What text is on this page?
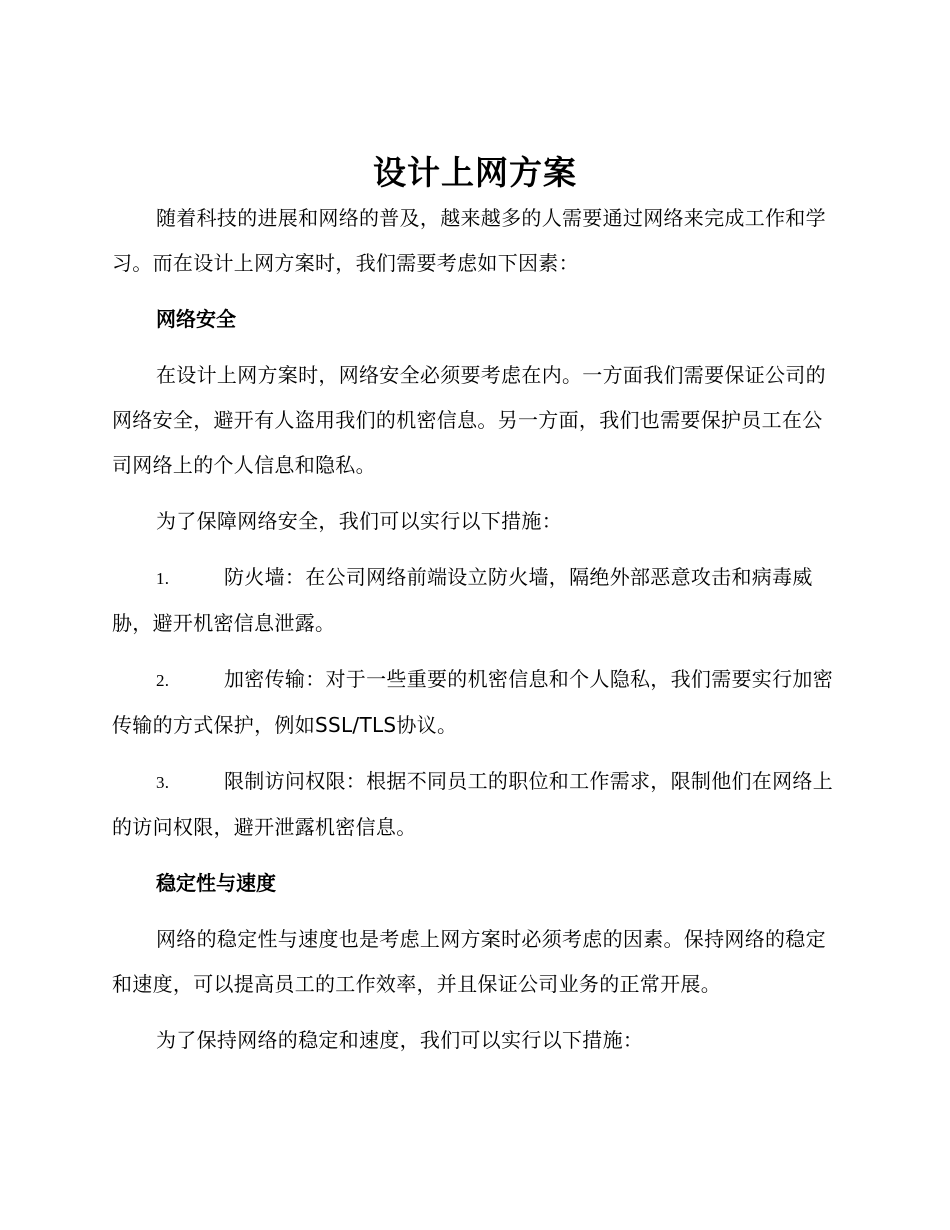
设计上网方案

随着科技的进展和网络的普及，越来越多的人需要通过网络来完成工作和学习。而在设计上网方案时，我们需要考虑如下因素：

网络安全

在设计上网方案时，网络安全必须要考虑在内。一方面我们需要保证公司的网络安全，避开有人盗用我们的机密信息。另一方面，我们也需要保护员工在公司网络上的个人信息和隐私。

为了保障网络安全，我们可以实行以下措施：

1.	防火墙：在公司网络前端设立防火墙，隔绝外部恶意攻击和病毒威胁，避开机密信息泄露。
2.	加密传输：对于一些重要的机密信息和个人隐私，我们需要实行加密传输的方式保护，例如SSL/TLS协议。
3.	限制访问权限：根据不同员工的职位和工作需求，限制他们在网络上的访问权限，避开泄露机密信息。
稳定性与速度

网络的稳定性与速度也是考虑上网方案时必须考虑的因素。保持网络的稳定和速度，可以提高员工的工作效率，并且保证公司业务的正常开展。

为了保持网络的稳定和速度，我们可以实行以下措施：
